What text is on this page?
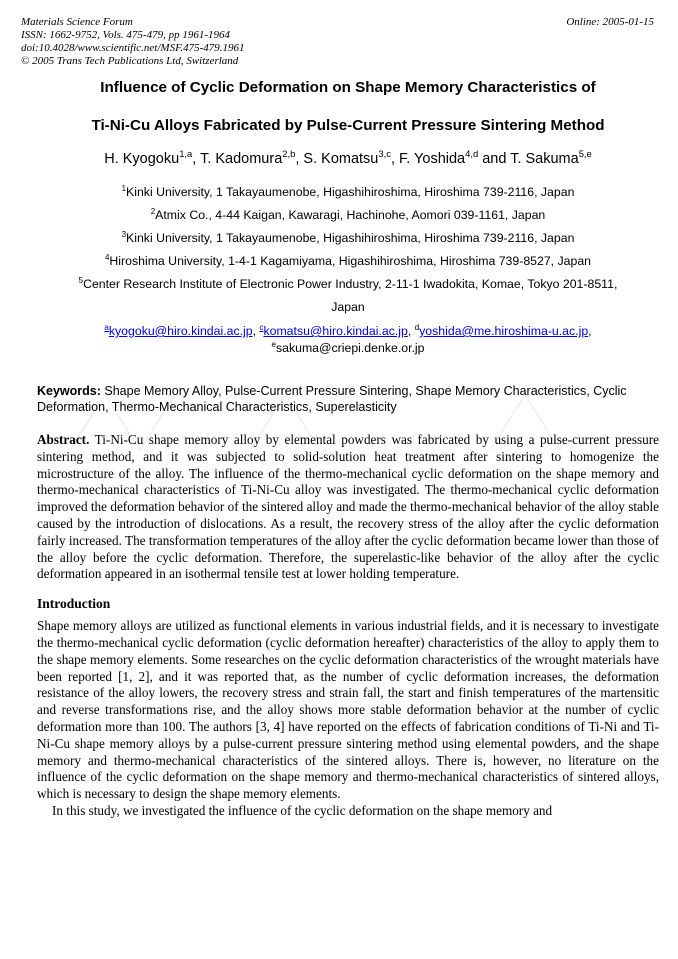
Materials Science Forum
ISSN: 1662-9752, Vols. 475-479, pp 1961-1964
doi:10.4028/www.scientific.net/MSF.475-479.1961
© 2005 Trans Tech Publications Ltd, Switzerland
Online: 2005-01-15
Influence of Cyclic Deformation on Shape Memory Characteristics of
Ti-Ni-Cu Alloys Fabricated by Pulse-Current Pressure Sintering Method
H. Kyogoku$^{1,a}$, T. Kadomura$^{2,b}$, S. Komatsu$^{3,c}$, F. Yoshida$^{4,d}$ and T. Sakuma$^{5,e}$
$^1$Kinki University, 1 Takayaumenobe, Higashihiroshima, Hiroshima 739-2116, Japan
$^2$Atmix Co., 4-44 Kaigan, Kawaragi, Hachinohe, Aomori 039-1161, Japan
$^3$Kinki University, 1 Takayaumenobe, Higashihiroshima, Hiroshima 739-2116, Japan
$^4$Hiroshima University, 1-4-1 Kagamiyama, Higashihiroshima, Hiroshima 739-8527, Japan
$^5$Center Research Institute of Electronic Power Industry, 2-11-1 Iwadokita, Komae, Tokyo 201-8511,
Japan
$^a$kyogoku@hiro.kindai.ac.jp, $^c$komatsu@hiro.kindai.ac.jp, $^d$yoshida@me.hiroshima-u.ac.jp,
$^e$sakuma@criepi.denke.or.jp
Keywords: Shape Memory Alloy, Pulse-Current Pressure Sintering, Shape Memory Characteristics, Cyclic Deformation, Thermo-Mechanical Characteristics, Superelasticity
Abstract. Ti-Ni-Cu shape memory alloy by elemental powders was fabricated by using a pulse-current pressure sintering method, and it was subjected to solid-solution heat treatment after sintering to homogenize the microstructure of the alloy. The influence of the thermo-mechanical cyclic deformation on the shape memory and thermo-mechanical characteristics of Ti-Ni-Cu alloy was investigated. The thermo-mechanical cyclic deformation improved the deformation behavior of the sintered alloy and made the thermo-mechanical behavior of the alloy stable caused by the introduction of dislocations. As a result, the recovery stress of the alloy after the cyclic deformation fairly increased. The transformation temperatures of the alloy after the cyclic deformation became lower than those of the alloy before the cyclic deformation. Therefore, the superelastic-like behavior of the alloy after the cyclic deformation appeared in an isothermal tensile test at lower holding temperature.
Introduction
Shape memory alloys are utilized as functional elements in various industrial fields, and it is necessary to investigate the thermo-mechanical cyclic deformation (cyclic deformation hereafter) characteristics of the alloy to apply them to the shape memory elements. Some researches on the cyclic deformation characteristics of the wrought materials have been reported [1, 2], and it was reported that, as the number of cyclic deformation increases, the deformation resistance of the alloy lowers, the recovery stress and strain fall, the start and finish temperatures of the martensitic and reverse transformations rise, and the alloy shows more stable deformation behavior at the number of cyclic deformation more than 100. The authors [3, 4] have reported on the effects of fabrication conditions of Ti-Ni and Ti-Ni-Cu shape memory alloys by a pulse-current pressure sintering method using elemental powders, and the shape memory and thermo-mechanical characteristics of the sintered alloys. There is, however, no literature on the influence of the cyclic deformation on the shape memory and thermo-mechanical characteristics of sintered alloys, which is necessary to design the shape memory elements.
In this study, we investigated the influence of the cyclic deformation on the shape memory and
